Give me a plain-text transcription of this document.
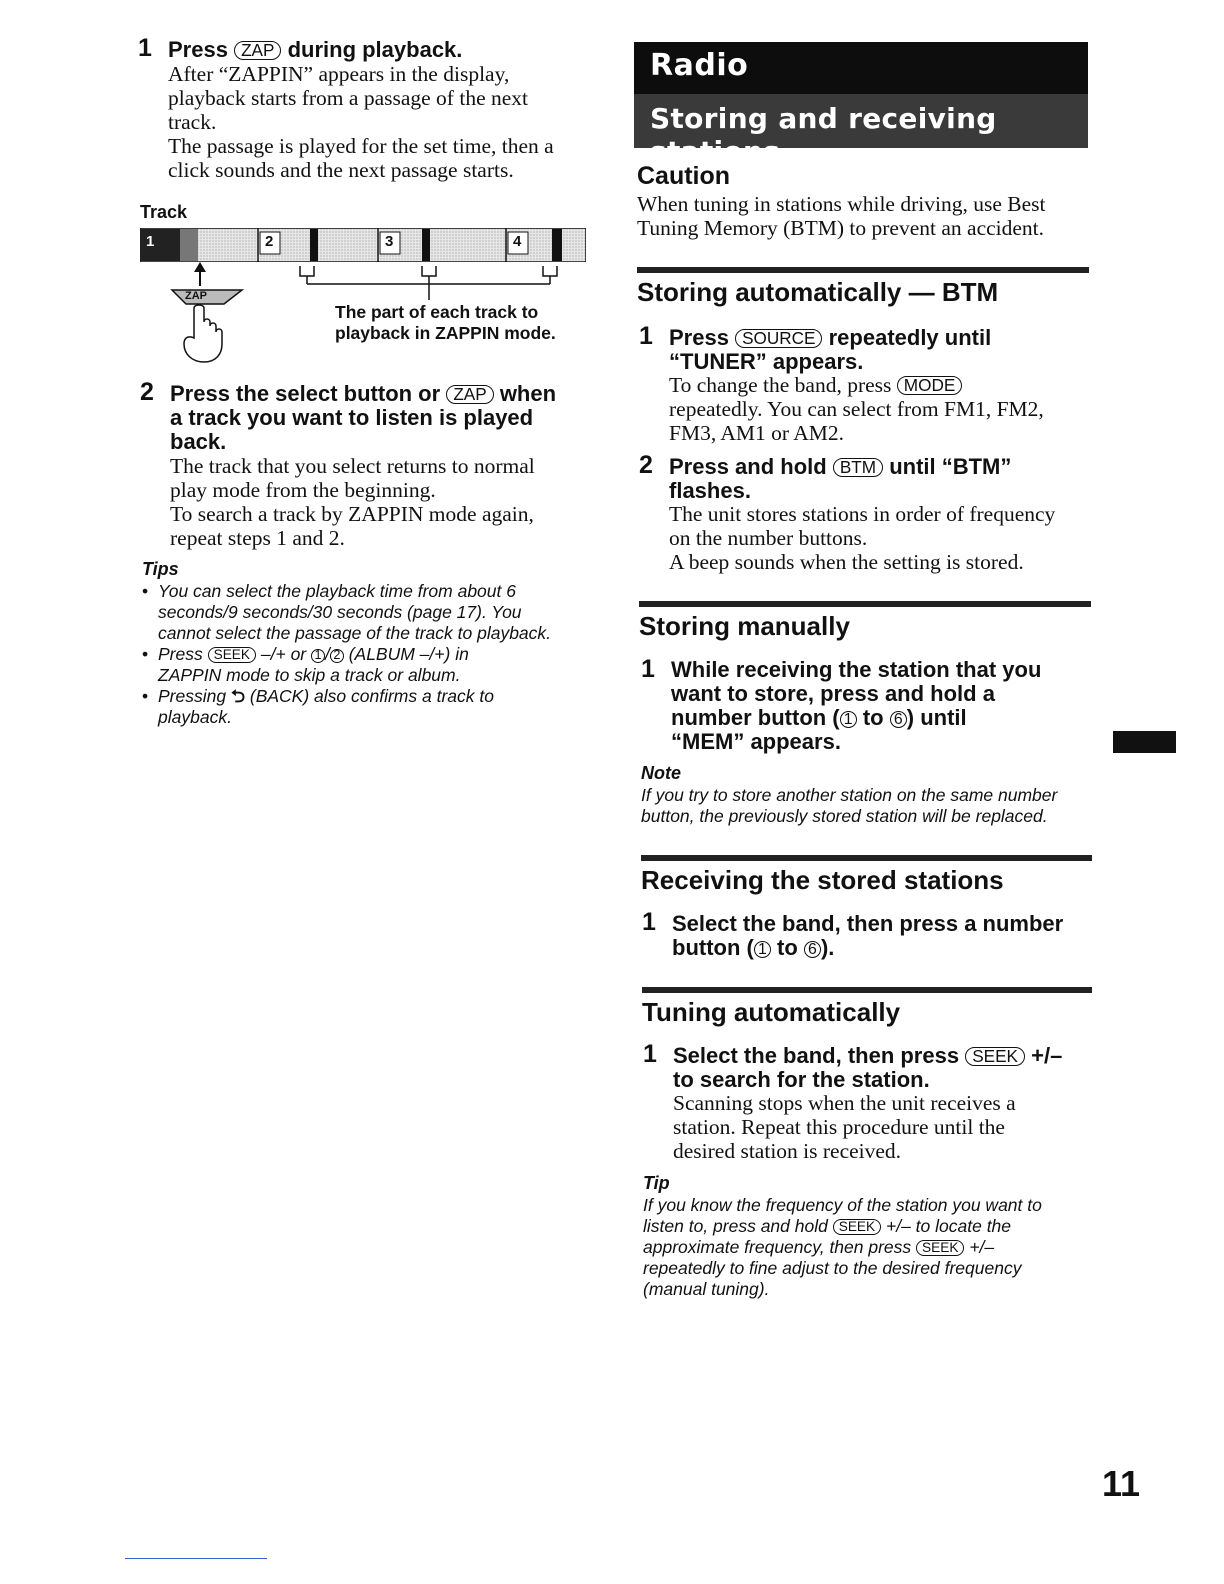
1 Press ZAP during playback.
After “ZAPPIN” appears in the display,
playback starts from a passage of the next
track.
The passage is played for the set time, then a
click sounds and the next passage starts.
Track
1	2	3	4
ZAP
The part of each track to
playback in ZAPPIN mode.
2 Press the select button or ZAP when
a track you want to listen is played
back.
The track that you select returns to normal
play mode from the beginning.
To search a track by ZAPPIN mode again,
repeat steps 1 and 2.
Tips
• You can select the playback time from about 6
seconds/9 seconds/30 seconds (page 17). You
cannot select the passage of the track to playback.
• Press SEEK –/+ or 1 / 2 (ALBUM –/+) in
ZAPPIN mode to skip a track or album.
• Pressing ⮌ (BACK) also confirms a track to
playback.
Radio
Storing and receiving stations
Caution
When tuning in stations while driving, use Best
Tuning Memory (BTM) to prevent an accident.
Storing automatically — BTM
1 Press SOURCE repeatedly until
“TUNER” appears.
To change the band, press MODE
repeatedly. You can select from FM1, FM2,
FM3, AM1 or AM2.
2 Press and hold BTM until “BTM”
flashes.
The unit stores stations in order of frequency
on the number buttons.
A beep sounds when the setting is stored.
Storing manually
1 While receiving the station that you
want to store, press and hold a
number button ( 1 to 6 ) until
“MEM” appears.
Note
If you try to store another station on the same number
button, the previously stored station will be replaced.
Receiving the stored stations
1 Select the band, then press a number
button ( 1 to 6 ).
Tuning automatically
1 Select the band, then press SEEK +/–
to search for the station.
Scanning stops when the unit receives a
station. Repeat this procedure until the
desired station is received.
Tip
If you know the frequency of the station you want to
listen to, press and hold SEEK +/– to locate the
approximate frequency, then press SEEK +/–
repeatedly to fine adjust to the desired frequency
(manual tuning).
11
